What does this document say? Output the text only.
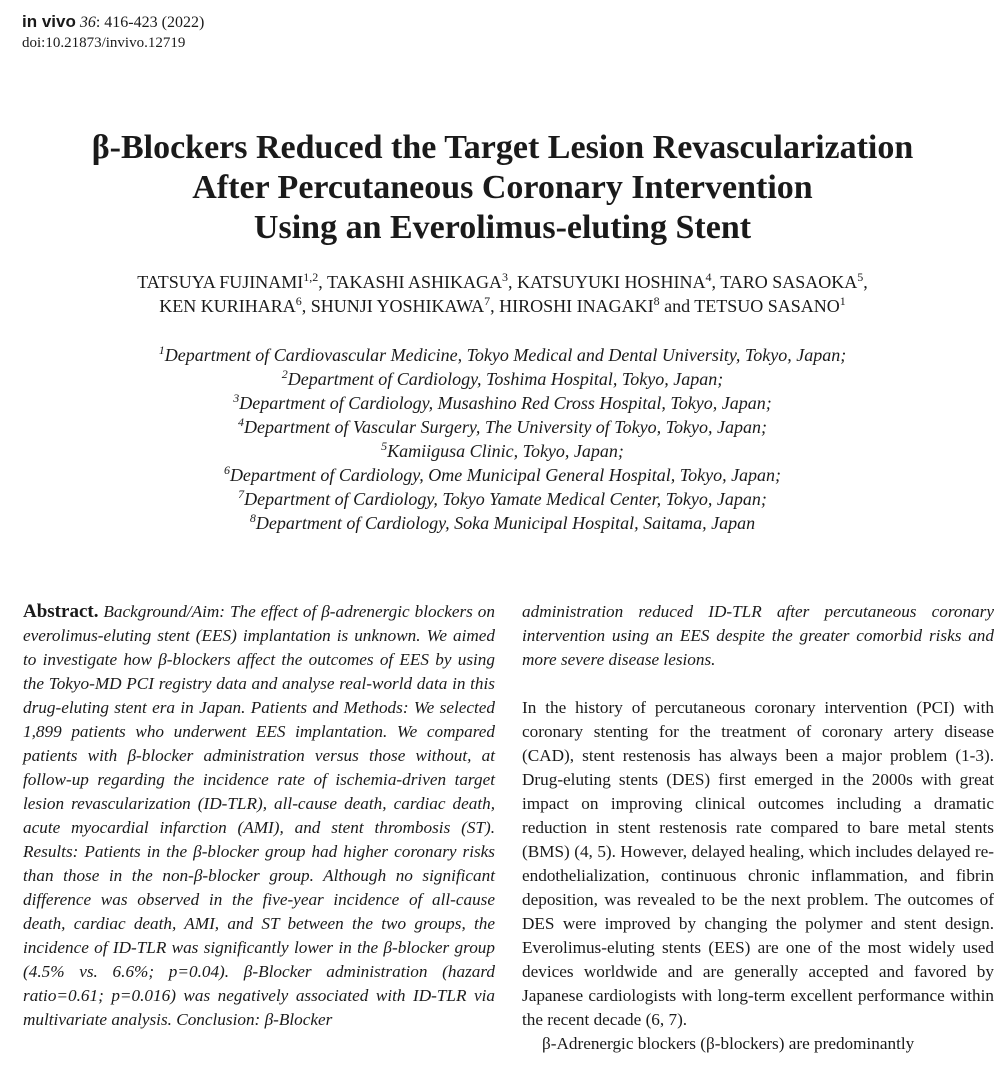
in vivo 36: 416-423 (2022)
doi:10.21873/invivo.12719
β-Blockers Reduced the Target Lesion Revascularization
After Percutaneous Coronary Intervention
Using an Everolimus-eluting Stent
TATSUYA FUJINAMI$^{1,2}$, TAKASHI ASHIKAGA$^3$, KATSUYUKI HOSHINA$^4$, TARO SASAOKA$^5$,
KEN KURIHARA$^6$, SHUNJI YOSHIKAWA$^7$, HIROSHI INAGAKI$^8$ and TETSUO SASANO$^1$
$^1$Department of Cardiovascular Medicine, Tokyo Medical and Dental University, Tokyo, Japan;
$^2$Department of Cardiology, Toshima Hospital, Tokyo, Japan;
$^3$Department of Cardiology, Musashino Red Cross Hospital, Tokyo, Japan;
$^4$Department of Vascular Surgery, The University of Tokyo, Tokyo, Japan;
$^5$Kamiigusa Clinic, Tokyo, Japan;
$^6$Department of Cardiology, Ome Municipal General Hospital, Tokyo, Japan;
$^7$Department of Cardiology, Tokyo Yamate Medical Center, Tokyo, Japan;
$^8$Department of Cardiology, Soka Municipal Hospital, Saitama, Japan

Abstract. Background/Aim: The effect of β-adrenergic blockers on everolimus-eluting stent (EES) implantation is unknown. We aimed to investigate how β-blockers affect the outcomes of EES by using the Tokyo-MD PCI registry data and analyse real-world data in this drug-eluting stent era in Japan. Patients and Methods: We selected 1,899 patients who underwent EES implantation. We compared patients with β-blocker administration versus those without, at follow-up regarding the incidence rate of ischemia-driven target lesion revascularization (ID-TLR), all-cause death, cardiac death, acute myocardial infarction (AMI), and stent thrombosis (ST). Results: Patients in the β-blocker group had higher coronary risks than those in the non-β-blocker group. Although no significant difference was observed in the five-year incidence of all-cause death, cardiac death, AMI, and ST between the two groups, the incidence of ID-TLR was significantly lower in the β-blocker group (4.5% vs. 6.6%; p=0.04). β-Blocker administration (hazard ratio=0.61; p=0.016) was negatively associated with ID-TLR via multivariate analysis. Conclusion: β-Blocker

administration reduced ID-TLR after percutaneous coronary intervention using an EES despite the greater comorbid risks and more severe disease lesions.

In the history of percutaneous coronary intervention (PCI) with coronary stenting for the treatment of coronary artery disease (CAD), stent restenosis has always been a major problem (1-3). Drug-eluting stents (DES) first emerged in the 2000s with great impact on improving clinical outcomes including a dramatic reduction in stent restenosis rate compared to bare metal stents (BMS) (4, 5). However, delayed healing, which includes delayed re-endothelialization, continuous chronic inflammation, and fibrin deposition, was revealed to be the next problem. The outcomes of DES were improved by changing the polymer and stent design. Everolimus-eluting stents (EES) are one of the most widely used devices worldwide and are generally accepted and favored by Japanese cardiologists with long-term excellent performance within the recent decade (6, 7).

β-Adrenergic blockers (β-blockers) are predominantly
